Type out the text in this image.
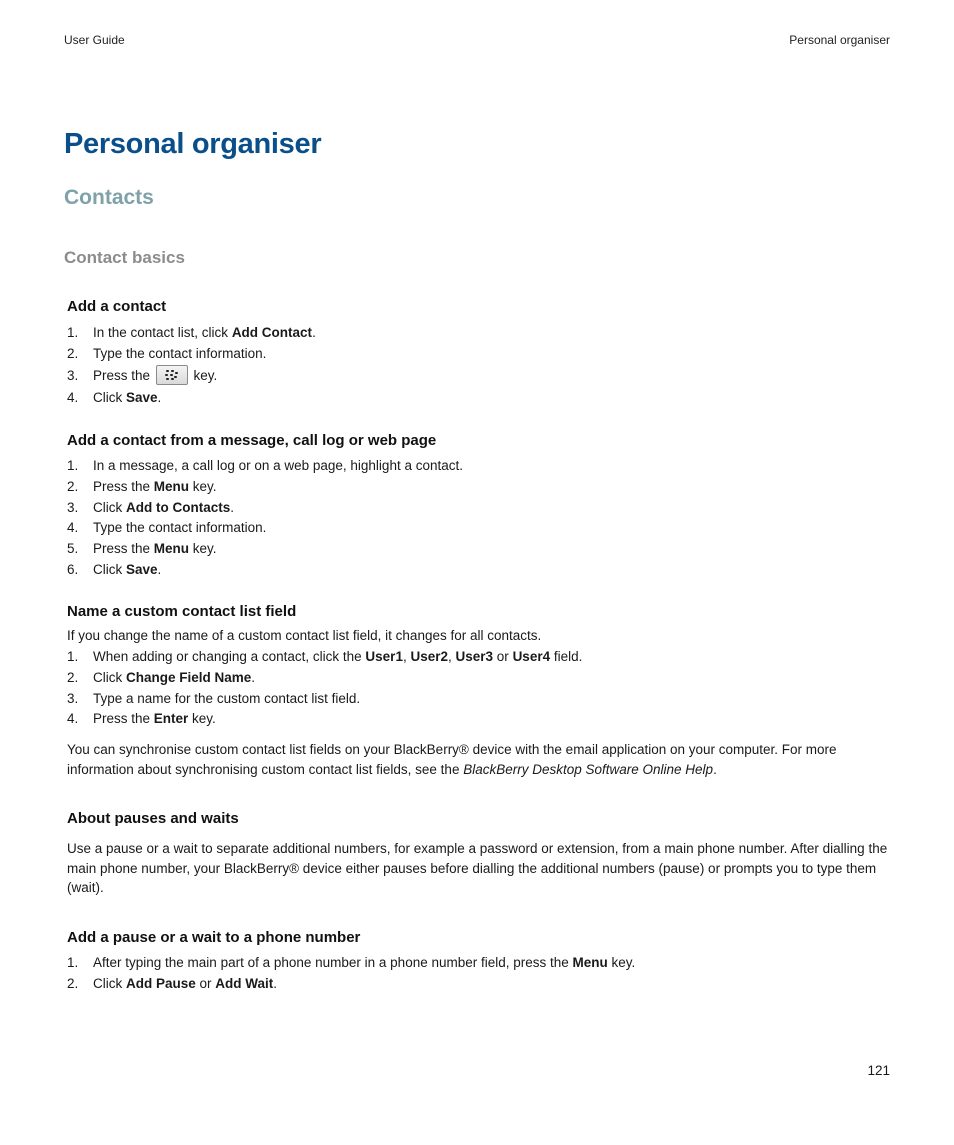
User Guide	Personal organiser
Personal organiser
Contacts
Contact basics
Add a contact
1. In the contact list, click Add Contact.
2. Type the contact information.
3. Press the	key.
4. Click Save.
Add a contact from a message, call log or web page
1. In a message, a call log or on a web page, highlight a contact.
2. Press the Menu key.
3. Click Add to Contacts.
4. Type the contact information.
5. Press the Menu key.
6. Click Save.
Name a custom contact list field
If you change the name of a custom contact list field, it changes for all contacts.
1. When adding or changing a contact, click the User1, User2, User3 or User4 field.
2. Click Change Field Name.
3. Type a name for the custom contact list field.
4. Press the Enter key.

You can synchronise custom contact list fields on your BlackBerry® device with the email application on your computer. For more information about synchronising custom contact list fields, see the BlackBerry Desktop Software Online Help.

About pauses and waits

Use a pause or a wait to separate additional numbers, for example a password or extension, from a main phone number. After dialling the main phone number, your BlackBerry® device either pauses before dialling the additional numbers (pause) or prompts you to type them (wait).

Add a pause or a wait to a phone number
1. After typing the main part of a phone number in a phone number field, press the Menu key.
2. Click Add Pause or Add Wait.
121
